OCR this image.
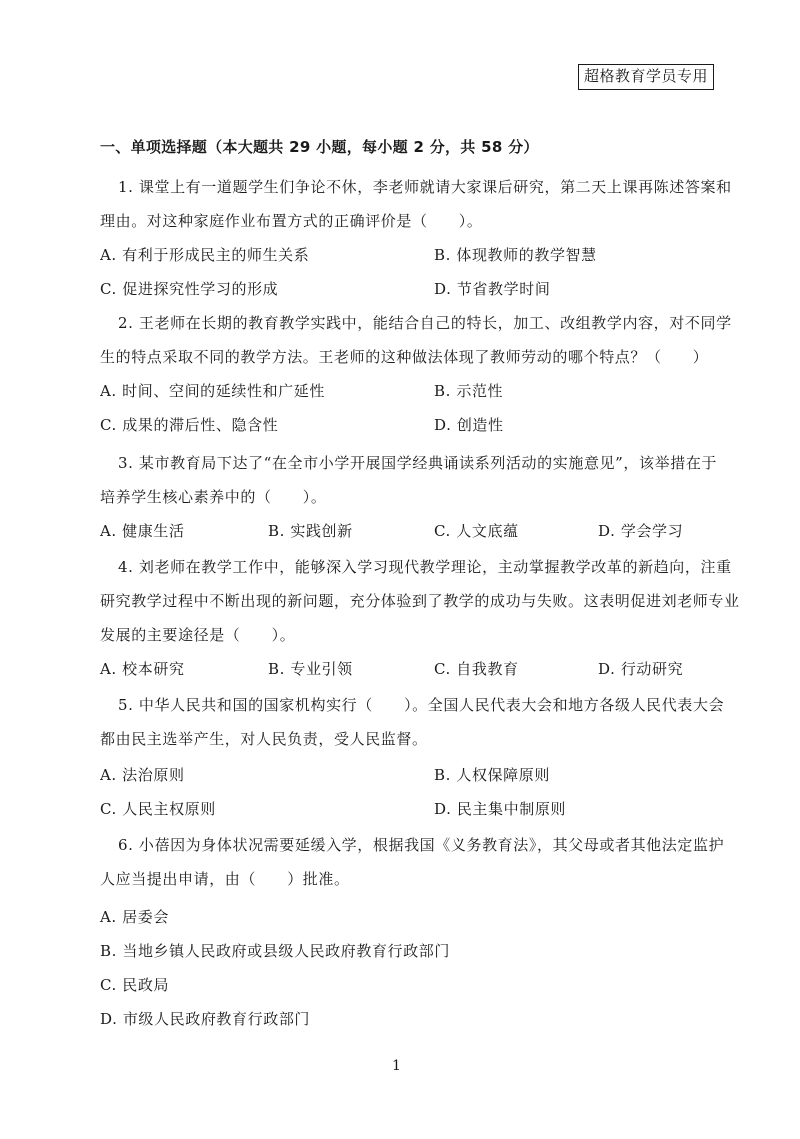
超格教育学员专用
一、单项选择题（本大题共 29 小题，每小题 2 分，共 58 分）
1. 课堂上有一道题学生们争论不休，李老师就请大家课后研究，第二天上课再陈述答案和
理由。对这种家庭作业布置方式的正确评价是（　　）。
A. 有利于形成民主的师生关系	B. 体现教师的教学智慧
C. 促进探究性学习的形成	D. 节省教学时间
2. 王老师在长期的教育教学实践中，能结合自己的特长，加工、改组教学内容，对不同学
生的特点采取不同的教学方法。王老师的这种做法体现了教师劳动的哪个特点？（　　）
A. 时间、空间的延续性和广延性	B. 示范性
C. 成果的滞后性、隐含性	D. 创造性
3. 某市教育局下达了“在全市小学开展国学经典诵读系列活动的实施意见”，该举措在于
培养学生核心素养中的（　　）。
A. 健康生活	B. 实践创新	C. 人文底蕴	D. 学会学习
4. 刘老师在教学工作中，能够深入学习现代教学理论，主动掌握教学改革的新趋向，注重
研究教学过程中不断出现的新问题，充分体验到了教学的成功与失败。这表明促进刘老师专业
发展的主要途径是（　　）。
A. 校本研究	B. 专业引领	C. 自我教育	D. 行动研究
5. 中华人民共和国的国家机构实行（　　）。全国人民代表大会和地方各级人民代表大会
都由民主选举产生，对人民负责，受人民监督。
A. 法治原则	B. 人权保障原则
C. 人民主权原则	D. 民主集中制原则
6. 小蓓因为身体状况需要延缓入学，根据我国《义务教育法》，其父母或者其他法定监护
人应当提出申请，由（　　）批准。
A. 居委会
B. 当地乡镇人民政府或县级人民政府教育行政部门
C. 民政局
D. 市级人民政府教育行政部门
1
